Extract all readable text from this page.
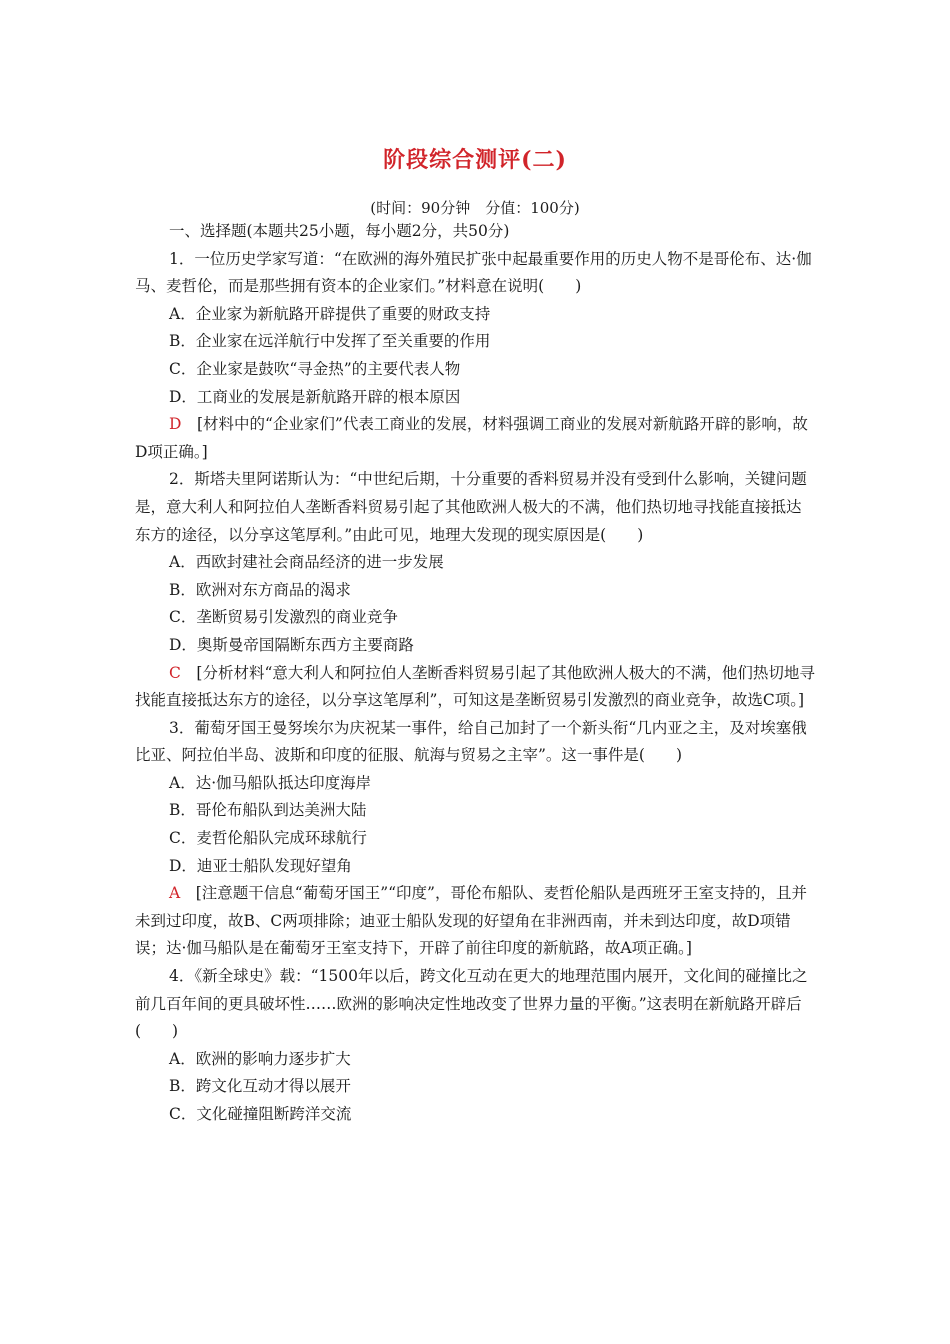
阶段综合测评(二)
(时间：90分钟　分值：100分)

一、选择题(本题共25小题，每小题2分，共50分)

1．一位历史学家写道：“在欧洲的海外殖民扩张中起最重要作用的历史人物不是哥伦布、达·伽马、麦哲伦，而是那些拥有资本的企业家们。”材料意在说明(　　)

A．企业家为新航路开辟提供了重要的财政支持

B．企业家在远洋航行中发挥了至关重要的作用

C．企业家是鼓吹“寻金热”的主要代表人物

D．工商业的发展是新航路开辟的根本原因

D　 [材料中的“企业家们”代表工商业的发展，材料强调工商业的发展对新航路开辟的影响，故D项正确。]

2．斯塔夫里阿诺斯认为：“中世纪后期，十分重要的香料贸易并没有受到什么影响，关键问题是，意大利人和阿拉伯人垄断香料贸易引起了其他欧洲人极大的不满，他们热切地寻找能直接抵达东方的途径，以分享这笔厚利。”由此可见，地理大发现的现实原因是(　　)

A．西欧封建社会商品经济的进一步发展

B．欧洲对东方商品的渴求

C．垄断贸易引发激烈的商业竞争

D．奥斯曼帝国隔断东西方主要商路

C　 [分析材料“意大利人和阿拉伯人垄断香料贸易引起了其他欧洲人极大的不满，他们热切地寻找能直接抵达东方的途径，以分享这笔厚利”，可知这是垄断贸易引发激烈的商业竞争，故选C项。]

3．葡萄牙国王曼努埃尔为庆祝某一事件，给自己加封了一个新头衔“几内亚之主，及对埃塞俄比亚、阿拉伯半岛、波斯和印度的征服、航海与贸易之主宰”。这一事件是(　　)

A．达·伽马船队抵达印度海岸

B．哥伦布船队到达美洲大陆

C．麦哲伦船队完成环球航行

D．迪亚士船队发现好望角

A　 [注意题干信息“葡萄牙国王”“印度”，哥伦布船队、麦哲伦船队是西班牙王室支持的，且并未到过印度，故B、C两项排除；迪亚士船队发现的好望角在非洲西南，并未到达印度，故D项错误；达·伽马船队是在葡萄牙王室支持下，开辟了前往印度的新航路，故A项正确。]

4．《新全球史》载：“1500年以后，跨文化互动在更大的地理范围内展开，文化间的碰撞比之前几百年间的更具破坏性……欧洲的影响决定性地改变了世界力量的平衡。”这表明在新航路开辟后(　　)

A．欧洲的影响力逐步扩大

B．跨文化互动才得以展开

C．文化碰撞阻断跨洋交流
